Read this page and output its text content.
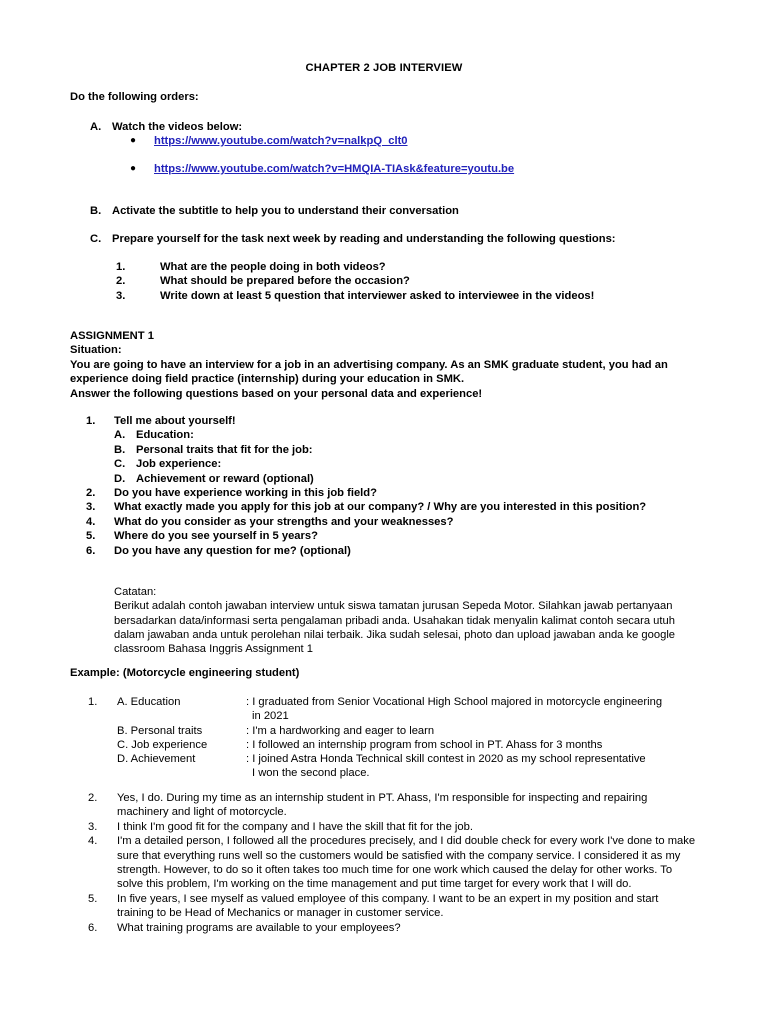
CHAPTER 2 JOB INTERVIEW
Do the following orders:
A. Watch the videos below:
●	https://www.youtube.com/watch?v=nalkpQ_clt0
●	https://www.youtube.com/watch?v=HMQIA-TIAsk&feature=youtu.be
B. Activate the subtitle to help you to understand their conversation
C. Prepare yourself for the task next week by reading and understanding the following questions:
1.	What are the people doing in both videos?
2.	What should be prepared before the occasion?
3.	Write down at least 5 question that interviewer asked to interviewee in the videos!
ASSIGNMENT 1
Situation:
You are going to have an interview for a job in an advertising company. As an SMK graduate student, you had an experience doing field practice (internship) during your education in SMK.
Answer the following questions based on your personal data and experience!
1.	Tell me about yourself!
A. Education:
B. Personal traits that fit for the job:
C. Job experience:
D. Achievement or reward (optional)
2.	Do you have experience working in this job field?
3.	What exactly made you apply for this job at our company? / Why are you interested in this position?
4.	What do you consider as your strengths and your weaknesses?
5.	Where do you see yourself in 5 years?
6.	Do you have any question for me? (optional)
Catatan:
Berikut adalah contoh jawaban interview untuk siswa tamatan jurusan Sepeda Motor. Silahkan jawab pertanyaan bersadarkan data/informasi serta pengalaman pribadi anda. Usahakan tidak menyalin kalimat contoh secara utuh dalam jawaban anda untuk perolehan nilai terbaik. Jika sudah selesai, photo dan upload jawaban anda ke google classroom Bahasa Inggris Assignment 1
Example: (Motorcycle engineering student)
1.	A. Education	: I graduated from Senior Vocational High School majored in motorcycle engineering
in 2021
B. Personal traits	: I'm a hardworking and eager to learn
C. Job experience	: I followed an internship program from school in PT. Ahass for 3 months
D. Achievement	: I joined Astra Honda Technical skill contest in 2020 as my school representative
I won the second place.
2.	Yes, I do. During my time as an internship student in PT. Ahass, I'm responsible for inspecting and repairing machinery and light of motorcycle.
3.	I think I'm good fit for the company and I have the skill that fit for the job.
4.	I'm a detailed person, I followed all the procedures precisely, and I did double check for every work I've done to make sure that everything runs well so the customers would be satisfied with the company service. I considered it as my strength. However, to do so it often takes too much time for one work which caused the delay for other works. To solve this problem, I'm working on the time management and put time target for every work that I will do.
5.	In five years, I see myself as valued employee of this company. I want to be an expert in my position and start training to be Head of Mechanics or manager in customer service.
6.	What training programs are available to your employees?
